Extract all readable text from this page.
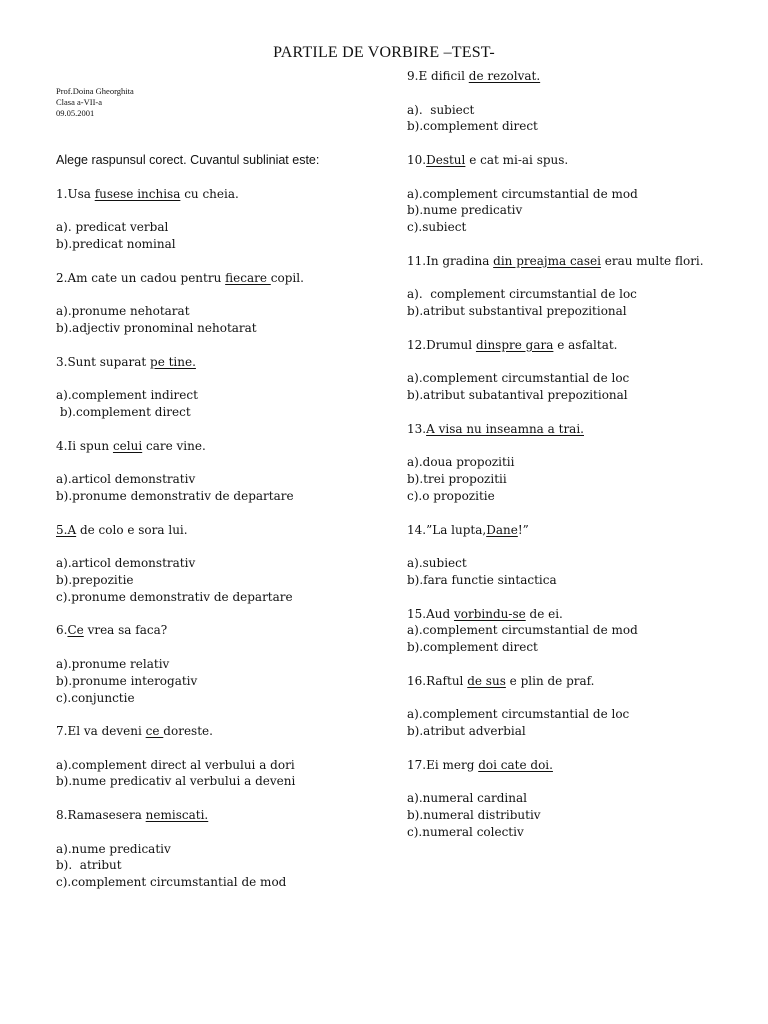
PARTILE DE VORBIRE –TEST-
Prof.Doina Gheorghita
Clasa a-VII-a
09.05.2001
Alege raspunsul corect. Cuvantul subliniat este:
1.Usa fusese inchisa cu cheia.
a). predicat verbal
b).predicat nominal
2.Am cate un cadou pentru fiecare copil.
a).pronume nehotarat
b).adjectiv pronominal nehotarat
3.Sunt suparat pe tine.
a).complement indirect
b).complement direct
4.Ii spun celui care vine.
a).articol demonstrativ
b).pronume demonstrativ de departare
5.A de colo e sora lui.
a).articol demonstrativ
b).prepozitie
c).pronume demonstrativ de departare
6.Ce vrea sa faca?
a).pronume relativ
b).pronume interogativ
c).conjunctie
7.El va deveni ce doreste.
a).complement direct al verbului a dori
b).nume predicativ al verbului a deveni
8.Ramasesera nemiscati.
a).nume predicativ
b).  atribut
c).complement circumstantial de mod
9.E dificil de rezolvat.
a).  subiect
b).complement direct
10.Destul e cat mi-ai spus.
a).complement circumstantial de mod
b).nume predicativ
c).subiect
11.In gradina din preajma casei erau multe flori.
a).  complement circumstantial de loc
b).atribut substantival prepozitional
12.Drumul dinspre gara e asfaltat.
a).complement circumstantial de loc
b).atribut subatantival prepozitional
13.A visa nu inseamna a trai.
a).doua propozitii
b).trei propozitii
c).o propozitie
14.”La lupta,Dane!”
a).subiect
b).fara functie sintactica
15.Aud vorbindu-se de ei.
a).complement circumstantial de mod
b).complement direct
16.Raftul de sus e plin de praf.
a).complement circumstantial de loc
b).atribut adverbial
17.Ei merg doi cate doi.
a).numeral cardinal
b).numeral distributiv
c).numeral colectiv
